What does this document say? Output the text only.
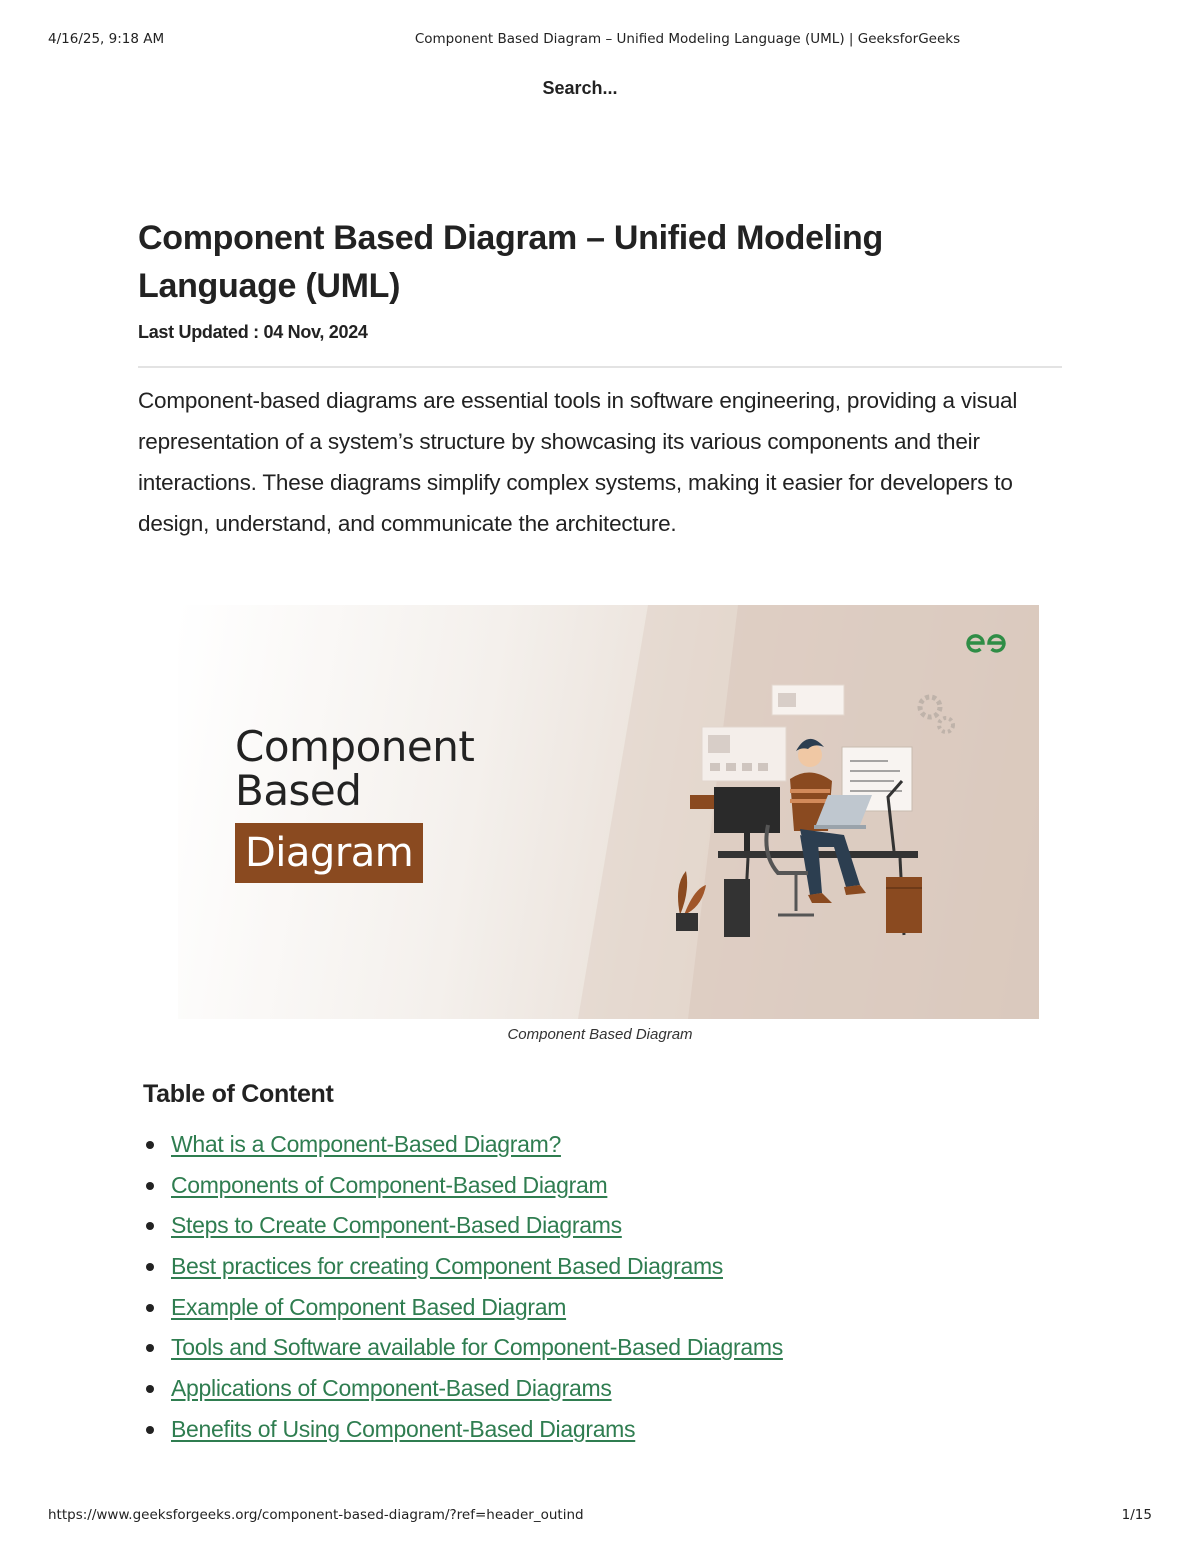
4/16/25, 9:18 AM	Component Based Diagram – Unified Modeling Language (UML) | GeeksforGeeks
Search...
Component Based Diagram – Unified Modeling Language (UML)
Last Updated : 04 Nov, 2024

Component-based diagrams are essential tools in software engineering, providing a visual representation of a system’s structure by showcasing its various components and their interactions. These diagrams simplify complex systems, making it easier for developers to design, understand, and communicate the architecture.

Component
Based
Diagram
Component Based Diagram
Table of Content
What is a Component-Based Diagram?
Components of Component-Based Diagram
Steps to Create Component-Based Diagrams
Best practices for creating Component Based Diagrams
Example of Component Based Diagram
Tools and Software available for Component-Based Diagrams
Applications of Component-Based Diagrams
Benefits of Using Component-Based Diagrams
https://www.geeksforgeeks.org/component-based-diagram/?ref=header_outind	1/15
